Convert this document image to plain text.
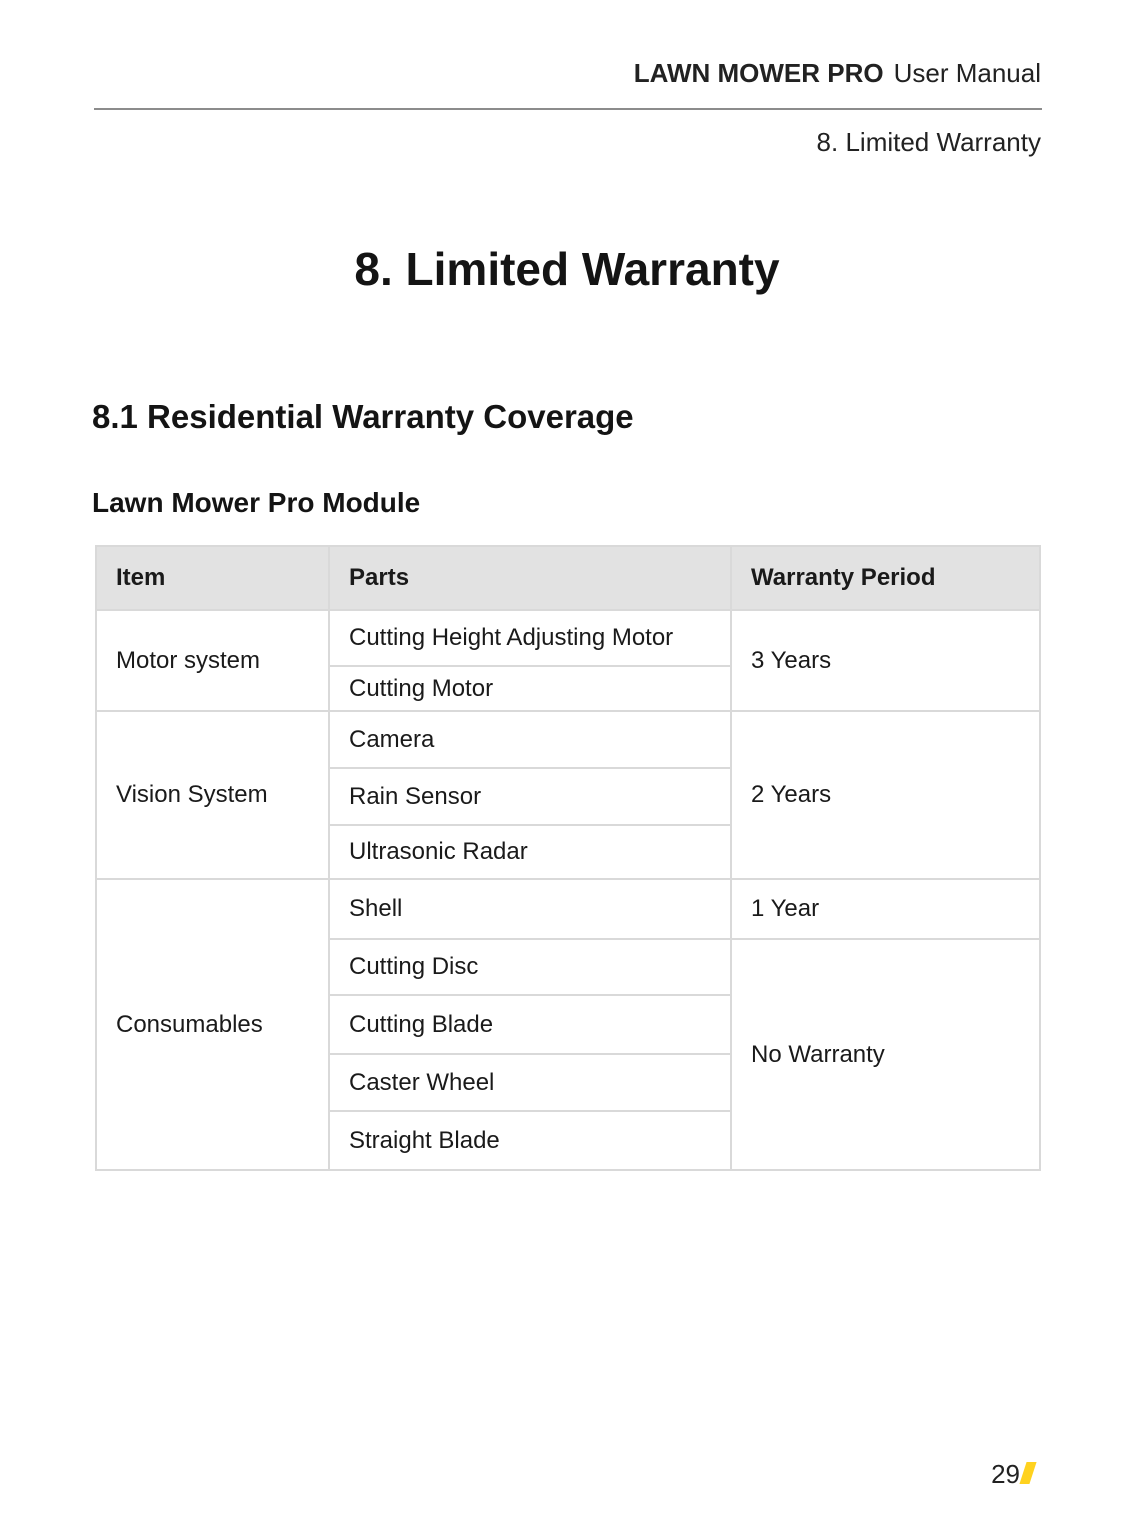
LAWN MOWER PRO User Manual
8. Limited Warranty
8. Limited Warranty
8.1 Residential Warranty Coverage
Lawn Mower Pro Module
Item	Parts	Warranty Period
Motor system	Cutting Height Adjusting Motor	3 Years
	Cutting Motor	
Vision System	Camera	2 Years
	Rain Sensor	
	Ultrasonic Radar	
Consumables	Shell	1 Year
	Cutting Disc	No Warranty
	Cutting Blade	
	Caster Wheel	
	Straight Blade	
29
